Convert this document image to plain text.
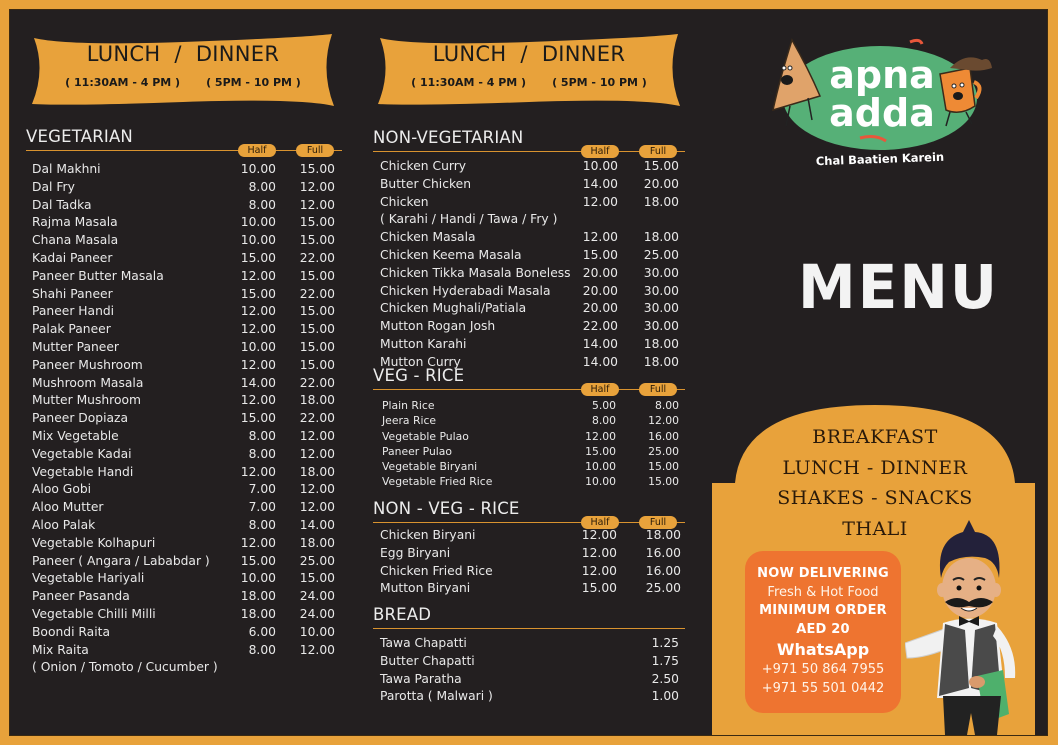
LUNCH / DINNER
( 11:30AM - 4 PM ) ( 5PM - 10 PM )
LUNCH / DINNER
( 11:30AM - 4 PM ) ( 5PM - 10 PM )
VEGETARIAN
Half	Full
Dal Makhni	10.00	15.00
Dal Fry	8.00	12.00
Dal Tadka	8.00	12.00
Rajma Masala	10.00	15.00
Chana Masala	10.00	15.00
Kadai Paneer	15.00	22.00
Paneer Butter Masala	12.00	15.00
Shahi Paneer	15.00	22.00
Paneer Handi	12.00	15.00
Palak Paneer	12.00	15.00
Mutter Paneer	10.00	15.00
Paneer Mushroom	12.00	15.00
Mushroom Masala	14.00	22.00
Mutter Mushroom	12.00	18.00
Paneer Dopiaza	15.00	22.00
Mix Vegetable	8.00	12.00
Vegetable Kadai	8.00	12.00
Vegetable Handi	12.00	18.00
Aloo Gobi	7.00	12.00
Aloo Mutter	7.00	12.00
Aloo Palak	8.00	14.00
Vegetable Kolhapuri	12.00	18.00
Paneer ( Angara / Lababdar )	15.00	25.00
Vegetable Hariyali	10.00	15.00
Paneer Pasanda	18.00	24.00
Vegetable Chilli Milli	18.00	24.00
Boondi Raita	6.00	10.00
Mix Raita	8.00	12.00
( Onion / Tomoto / Cucumber )
NON-VEGETARIAN
Half	Full
Chicken Curry	10.00	15.00
Butter Chicken	14.00	20.00
Chicken	12.00	18.00
( Karahi / Handi / Tawa / Fry )
Chicken Masala	12.00	18.00
Chicken Keema Masala	15.00	25.00
Chicken Tikka Masala Boneless 20.00	30.00
Chicken Hyderabadi Masala	20.00	30.00
Chicken Mughali/Patiala	20.00	30.00
Mutton Rogan Josh	22.00	30.00
Mutton Karahi	14.00	18.00
Mutton Curry	14.00	18.00
VEG - RICE
Half	Full
Plain Rice	5.00	8.00
Jeera Rice	8.00	12.00
Vegetable Pulao	12.00	16.00
Paneer Pulao	15.00	25.00
Vegetable Biryani	10.00	15.00
Vegetable Fried Rice	10.00	15.00
NON - VEG - RICE
Half	Full
Chicken Biryani	12.00	18.00
Egg Biryani	12.00	16.00
Chicken Fried Rice	12.00	16.00
Mutton Biryani	15.00	25.00
BREAD
Tawa Chapatti	1.25
Butter Chapatti	1.75
Tawa Paratha	2.50
Parotta ( Malwari )	1.00
apna
adda
Chal Baatien Karein
MENU
BREAKFAST
LUNCH - DINNER
SHAKES - SNACKS
THALI
NOW DELIVERING
Fresh & Hot Food
MINIMUM ORDER
AED 20
WhatsApp
+971 50 864 7955
+971 55 501 0442
